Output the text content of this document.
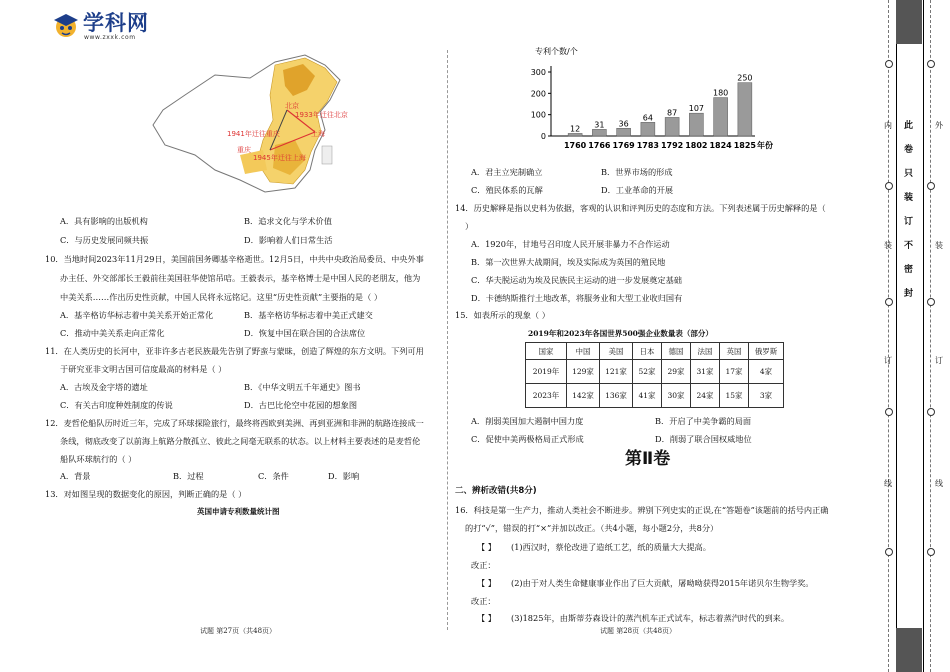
学科网
www.zxxk.com
北京
1933年迁往北京
1941年迁往重庆	上海
重庆
1945年迁往上海
A．具有影响的出版机构	B．追求文化与学术价值
C．与历史发展同频共振	D．影响着人们日常生活
10．当地时间2023年11月29日，美国前国务卿基辛格逝世。12月5日，中共中央政治局委员、中央外事
办主任、外交部部长王毅前往美国驻华使馆吊唁。王毅表示，基辛格博士是中国人民的老朋友，他为
中美关系……作出历史性贡献，中国人民将永远铭记。这里“历史性贡献”主要指的是（ ）
A．基辛格访华标志着中美关系开始正常化	B．基辛格访华标志着中美正式建交
C．推动中美关系走向正常化	D．恢复中国在联合国的合法席位
11．在人类历史的长河中，亚非许多古老民族最先告别了野蛮与蒙昧，创造了辉煌的东方文明。下列可用
于研究亚非文明古国可信度最高的材料是（ ）
A．古埃及金字塔的遗址	B．《中华文明五千年通史》图书
C．有关古印度种姓制度的传说	D．古巴比伦空中花园的想象图
12．麦哲伦船队历时近三年，完成了环球探险旅行，最终将西欧到美洲、再到亚洲和非洲的航路连接成一
条线，彻底改变了以前海上航路分散孤立、彼此之间毫无联系的状态。以上材料主要表述的是麦哲伦
船队环球航行的（ ）
A．背景	B．过程	C．条件	D．影响
13．对如图呈现的数据变化的原因，判断正确的是（ ）
英国申请专利数量统计图
试题 第27页（共48页）
专利个数/个
0
100
200
300
12
1760
31
1766
36
1769
64
1783
87
1792
107
1802
180
1824
250
1825 年份
A．君主立宪制确立	B．世界市场的形成
C．殖民体系的瓦解	D．工业革命的开展
14．历史解释是指以史料为依据，客观的认识和评判历史的态度和方法。下列表述属于历史解释的是（
）
A．1920年，甘地号召印度人民开展非暴力不合作运动
B．第一次世界大战期间，埃及实际成为英国的殖民地
C．华夫脱运动为埃及民族民主运动的进一步发展奠定基础
D．卡德纳斯推行土地改革，将服务业和大型工业收归国有
15．如表所示的现象（ ）
2019年和2023年各国世界500强企业数量表（部分）
A．削弱美国加大遏制中国力度	B．开启了中美争霸的局面
C．促使中美两极格局正式形成	D．削弱了联合国权威地位
第Ⅱ卷
二、辨析改错(共8分)
16．科技是第一生产力，推动人类社会不断进步。辨别下列史实的正误,在“答题卷”该题前的括号内正确
的打“√”，错误的打“×”并加以改正。（共4小题，每小题2分，共8分）
【 】 (1)西汉时，蔡伦改进了造纸工艺，纸的质量大大提高。
改正：
【 】 (2)由于对人类生命健康事业作出了巨大贡献，屠呦呦获得2015年诺贝尔生物学奖。
改正：
【 】 (3)1825年，由斯蒂芬森设计的蒸汽机车正式试车，标志着蒸汽时代的到来。
国家	中国	美国	日本	德国	法国	英国	俄罗斯
2019年	129家	121家	52家	29家	31家	17家	4家
2023年	142家	136家	41家	30家	24家	15家	3家
试题 第28页（共48页）
此
卷
只
装
订
不
密
封
内
装
订
线
外
装
订
线
